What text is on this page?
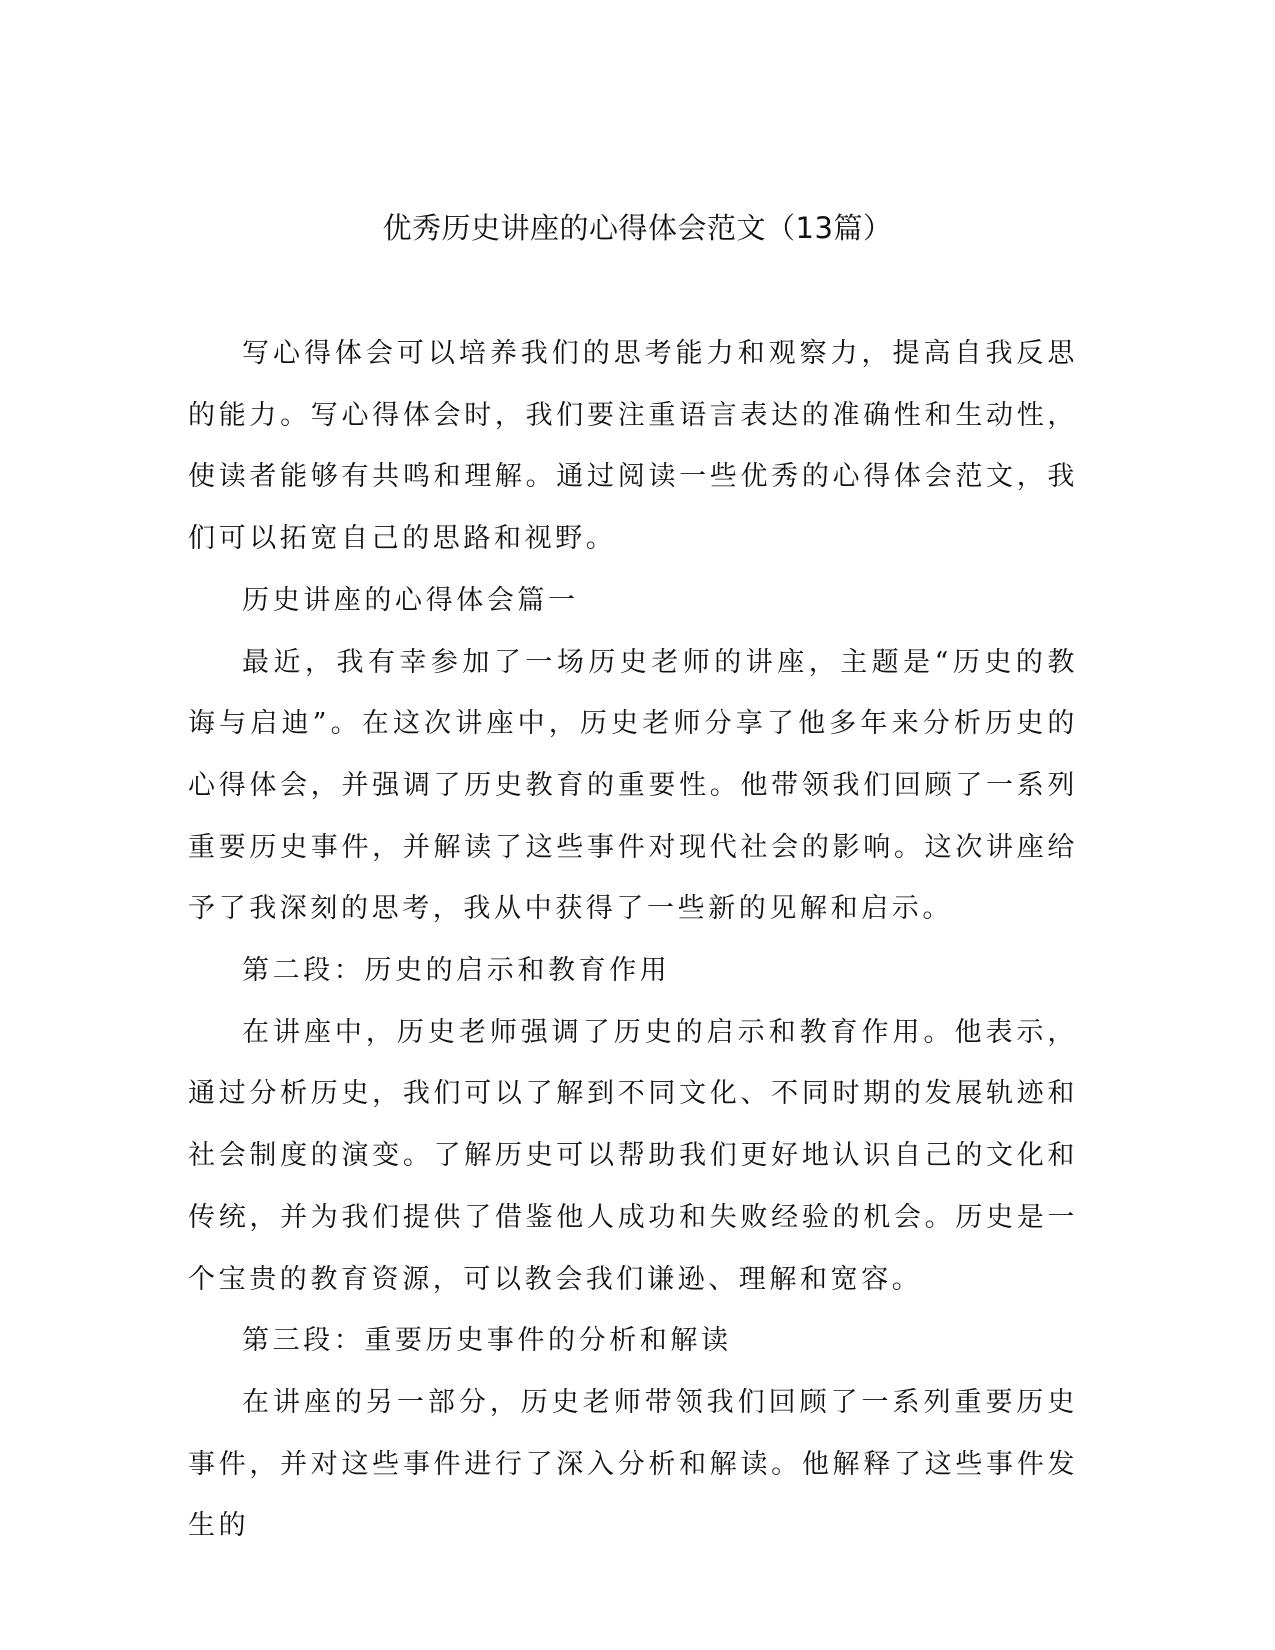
优秀历史讲座的心得体会范文（13篇）

写心得体会可以培养我们的思考能力和观察力，提高自我反思的能力。写心得体会时，我们要注重语言表达的准确性和生动性，使读者能够有共鸣和理解。通过阅读一些优秀的心得体会范文，我们可以拓宽自己的思路和视野。

历史讲座的心得体会篇一

最近，我有幸参加了一场历史老师的讲座，主题是“历史的教诲与启迪”。在这次讲座中，历史老师分享了他多年来分析历史的心得体会，并强调了历史教育的重要性。他带领我们回顾了一系列重要历史事件，并解读了这些事件对现代社会的影响。这次讲座给予了我深刻的思考，我从中获得了一些新的见解和启示。

第二段：历史的启示和教育作用

在讲座中，历史老师强调了历史的启示和教育作用。他表示，通过分析历史，我们可以了解到不同文化、不同时期的发展轨迹和社会制度的演变。了解历史可以帮助我们更好地认识自己的文化和传统，并为我们提供了借鉴他人成功和失败经验的机会。历史是一个宝贵的教育资源，可以教会我们谦逊、理解和宽容。

第三段：重要历史事件的分析和解读

在讲座的另一部分，历史老师带领我们回顾了一系列重要历史事件，并对这些事件进行了深入分析和解读。他解释了这些事件发生的
